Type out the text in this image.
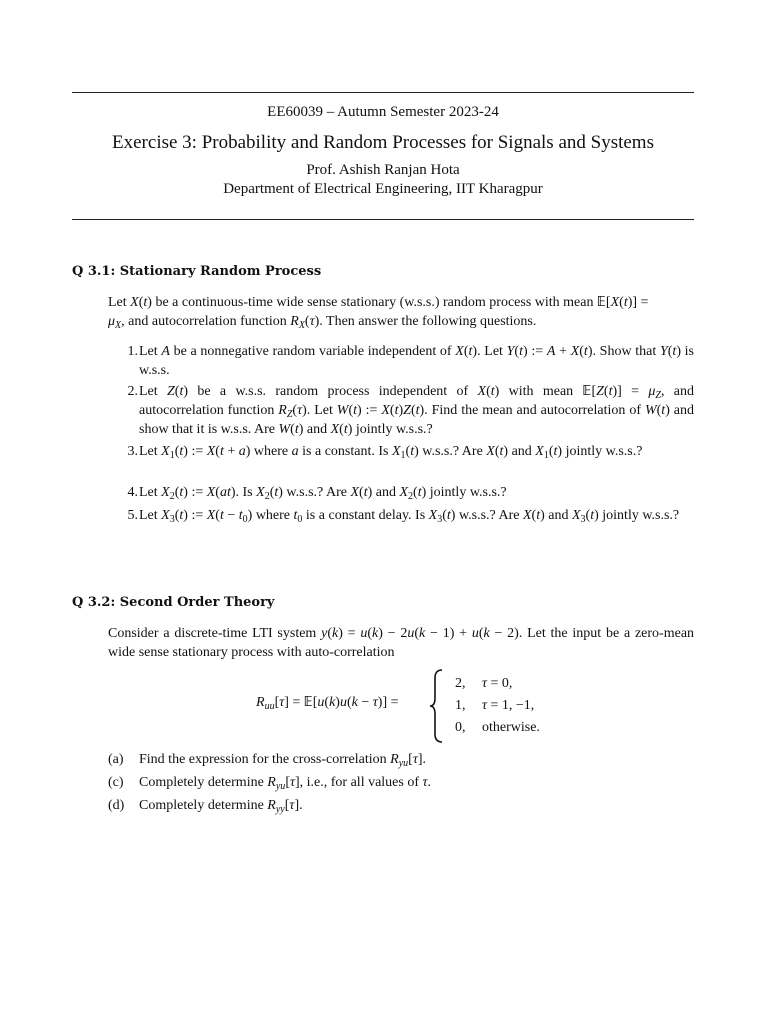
EE60039 – Autumn Semester 2023-24
Exercise 3: Probability and Random Processes for Signals and Systems
Prof. Ashish Ranjan Hota
Department of Electrical Engineering, IIT Kharagpur
Q 3.1: Stationary Random Process
Let X(t) be a continuous-time wide sense stationary (w.s.s.) random process with mean 𝔼[X(t)] =
$\mu_X$, and autocorrelation function $R_X(\tau)$. Then answer the following questions.
1. Let A be a nonnegative random variable independent of X(t). Let Y(t) := A + X(t). Show that Y(t) is w.s.s.
2. Let Z(t) be a w.s.s. random process independent of X(t) with mean 𝔼[Z(t)] = $\mu_Z$, and autocorrelation function $R_Z(\tau)$. Let W(t) := X(t)Z(t). Find the mean and autocorrelation of W(t) and show that it is w.s.s. Are W(t) and X(t) jointly w.s.s.?
3. Let $X_1(t)$ := X(t + a) where a is a constant. Is $X_1(t)$ w.s.s.? Are X(t) and $X_1(t)$ jointly w.s.s.?
4. Let $X_2(t)$ := X(at). Is $X_2(t)$ w.s.s.? Are X(t) and $X_2(t)$ jointly w.s.s.?
5. Let $X_3(t)$ := $X(t - t_0)$ where $t_0$ is a constant delay. Is $X_3(t)$ w.s.s.? Are X(t) and $X_3(t)$ jointly w.s.s.?
Q 3.2: Second Order Theory
Consider a discrete-time LTI system y(k) = u(k) − 2u(k − 1) + u(k − 2). Let the input be a zero-mean wide sense stationary process with auto-correlation
$R_{uu}[\tau]$ = 𝔼[u(k)u(k − τ)] =
2,	τ = 0,
1,	τ = 1, −1,
0,	otherwise.
(a)	Find the expression for the cross-correlation $R_{yu}[\tau]$.
(c)	Completely determine $R_{yu}[\tau]$, i.e., for all values of τ.
(d)	Completely determine $R_{yy}[\tau]$.
